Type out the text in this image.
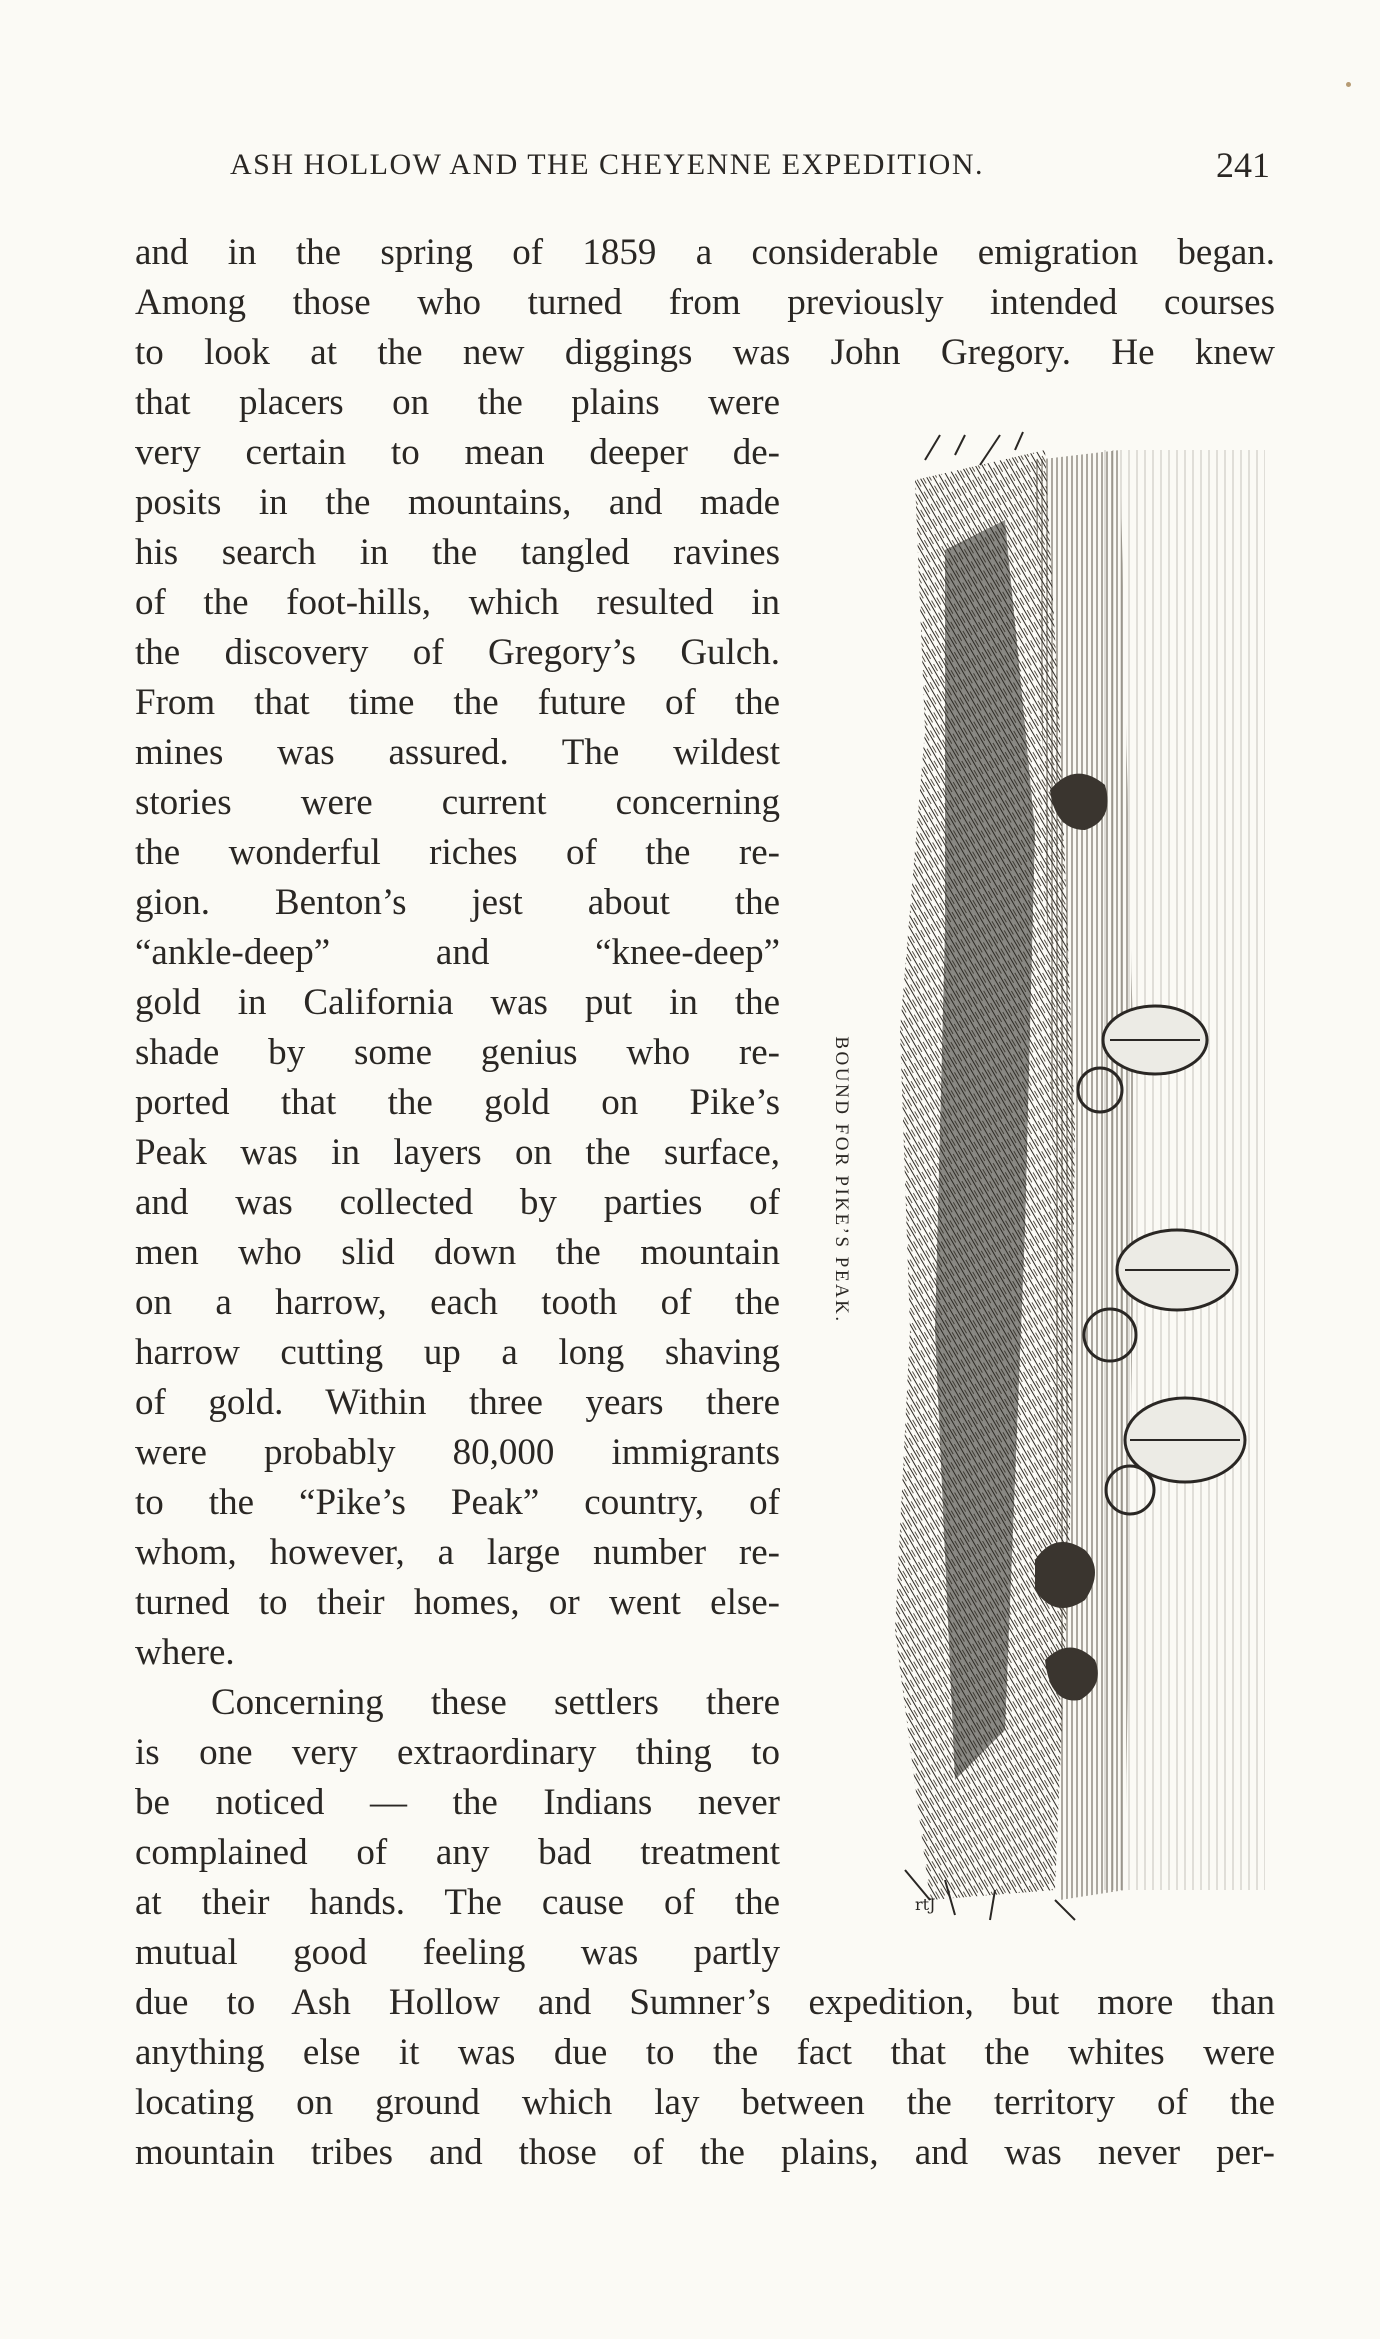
ASH HOLLOW AND THE CHEYENNE EXPEDITION.	241
and in the spring of 1859 a considerable emigration began.
Among those who turned from previously intended courses
to look at the new diggings was John Gregory. He knew
that placers on the plains were
very certain to mean deeper de-
posits in the mountains, and made
his search in the tangled ravines
of the foot-hills, which resulted in
the discovery of Gregory’s Gulch.
From that time the future of the
mines was assured. The wildest
stories were current concerning
the wonderful riches of the re-
gion. Benton’s jest about the
“ankle-deep” and “knee-deep”
gold in California was put in the
shade by some genius who re-
ported that the gold on Pike’s
Peak was in layers on the surface,
and was collected by parties of
men who slid down the mountain
on a harrow, each tooth of the
harrow cutting up a long shaving
of gold. Within three years there
were probably 80,000 immigrants
to the “Pike’s Peak” country, of
whom, however, a large number re-
turned to their homes, or went else-
where.
Concerning these settlers there
is one very extraordinary thing to
be noticed — the Indians never
complained of any bad treatment
at their hands. The cause of the
mutual good feeling was partly
due to Ash Hollow and Sumner’s expedition, but more than
anything else it was due to the fact that the whites were
locating on ground which lay between the territory of the
mountain tribes and those of the plains, and was never per-
BOUND FOR PIKE’S PEAK.
rtJ
